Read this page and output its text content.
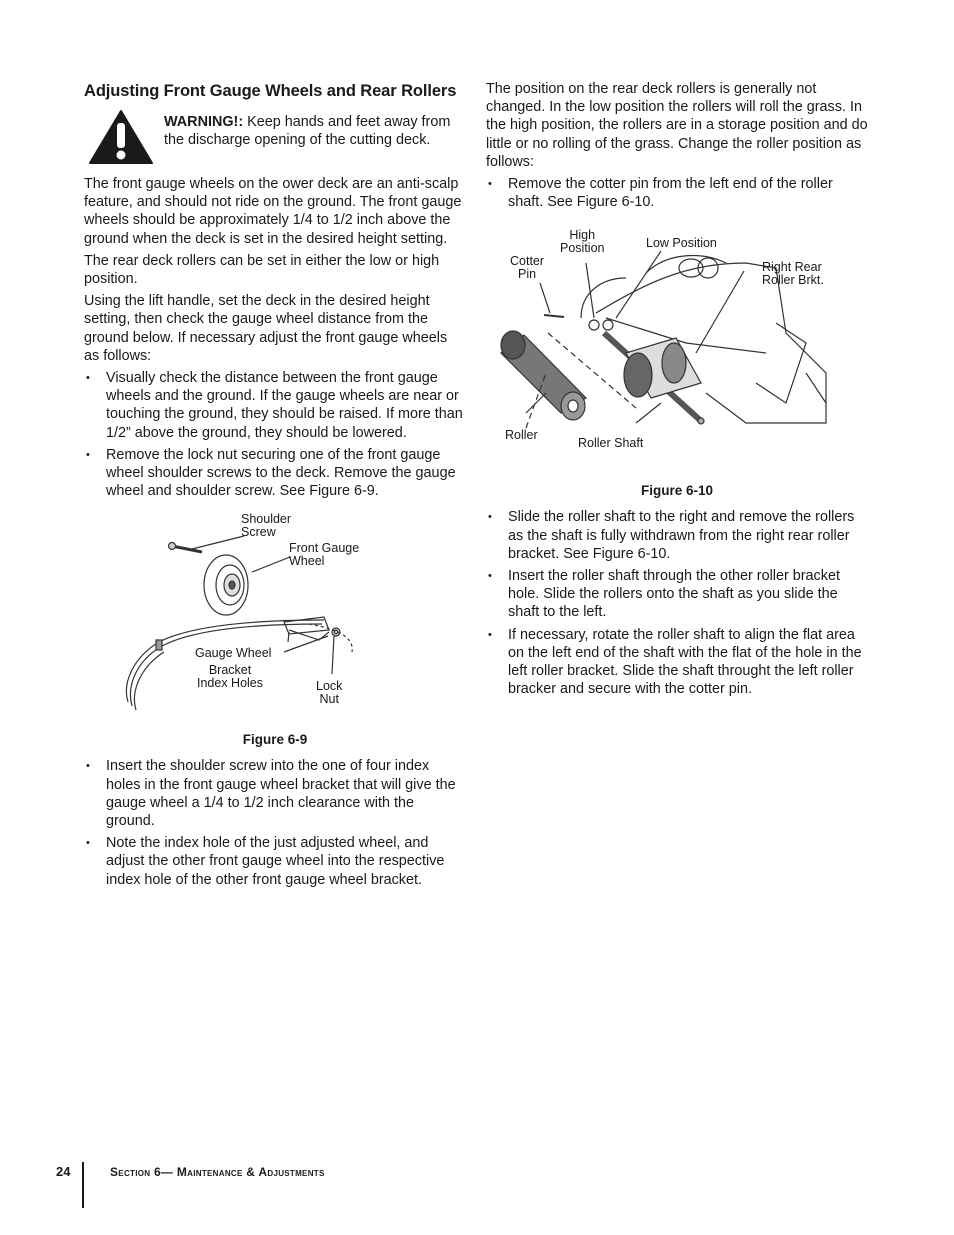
Adjusting Front Gauge Wheels and Rear Rollers

WARNING!: Keep hands and feet away from the discharge opening of the cutting deck.

The front gauge wheels on the ower deck are an anti-scalp feature, and should not ride on the ground. The front gauge wheels should be approximately 1/4 to 1/2 inch above the ground when the deck is set in the desired height setting.

The rear deck rollers can be set in either the low or high position.

Using the lift handle, set the deck in the desired height setting, then check the gauge wheel distance from the ground below. If necessary adjust the front gauge wheels as follows:

• Visually check the distance between the front gauge wheels and the ground. If the gauge wheels are near or touching the ground, they should be raised. If more than 1/2” above the ground, they should be lowered.
• Remove the lock nut securing one of the front gauge wheel shoulder screws to the deck. Remove the gauge wheel and shoulder screw. See Figure 6-9.
Shoulder
Screw
Front Gauge
Wheel
Gauge Wheel
Bracket
Index Holes	Lock
Nut
Figure 6-9
• Insert the shoulder screw into the one of four index holes in the front gauge wheel bracket that will give the gauge wheel a 1/4 to 1/2 inch clearance with the ground.
• Note the index hole of the just adjusted wheel, and adjust the other front gauge wheel into the respective index hole of the other front gauge wheel bracket.

The position on the rear deck rollers is generally not changed. In the low position the rollers will roll the grass. In the high position, the rollers are in a storage position and do little or no rolling of the grass. Change the roller position as follows:

• Remove the cotter pin from the left end of the roller shaft. See Figure 6-10.
Cotter
Pin
High
Position	Low Position
Right Rear
Roller Brkt.
Roller
Roller Shaft
Figure 6-10
• Slide the roller shaft to the right and remove the rollers as the shaft is fully withdrawn from the right rear roller bracket. See Figure 6-10.
• Insert the roller shaft through the other roller bracket hole. Slide the rollers onto the shaft as you slide the shaft to the left.
• If necessary, rotate the roller shaft to align the flat area on the left end of the shaft with the flat of the hole in the left roller bracket. Slide the shaft throught the left roller bracker and secure with the cotter pin.
24	Section 6— Maintenance & Adjustments
